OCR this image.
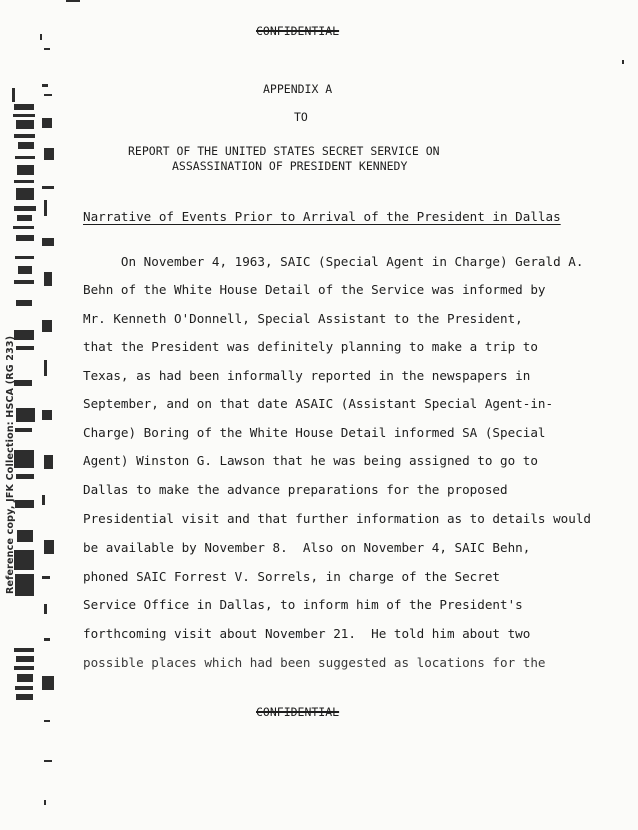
Reference copy, JFK Collection: HSCA (RG 233)
CONFIDENTIAL
APPENDIX A
TO
REPORT OF THE UNITED STATES SECRET SERVICE ON
ASSASSINATION OF PRESIDENT KENNEDY
Narrative of Events Prior to Arrival of the President in Dallas
On November 4, 1963, SAIC (Special Agent in Charge) Gerald A.
Behn of the White House Detail of the Service was informed by
Mr. Kenneth O'Donnell, Special Assistant to the President,
that the President was definitely planning to make a trip to
Texas, as had been informally reported in the newspapers in
September, and on that date ASAIC (Assistant Special Agent-in-
Charge) Boring of the White House Detail informed SA (Special
Agent) Winston G. Lawson that he was being assigned to go to
Dallas to make the advance preparations for the proposed
Presidential visit and that further information as to details would
be available by November 8.  Also on November 4, SAIC Behn,
phoned SAIC Forrest V. Sorrels, in charge of the Secret
Service Office in Dallas, to inform him of the President's
forthcoming visit about November 21.  He told him about two
possible places which had been suggested as locations for the
CONFIDENTIAL
